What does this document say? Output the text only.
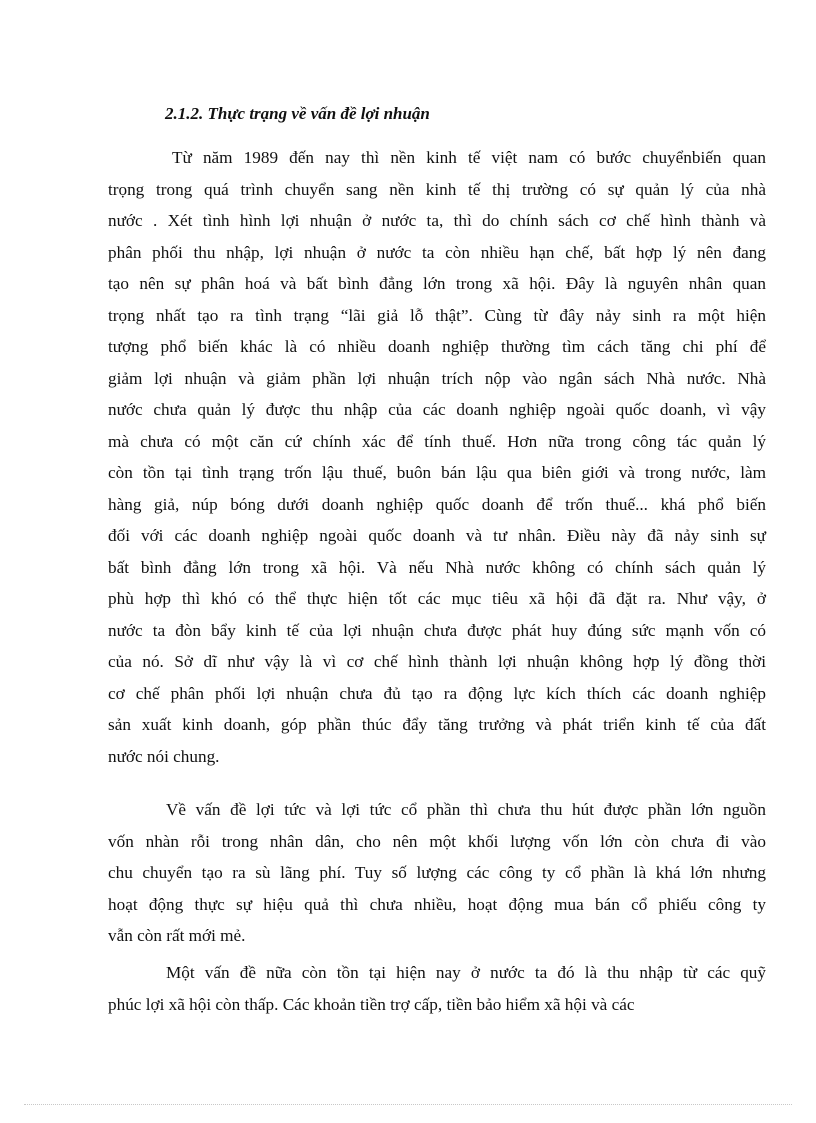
2.1.2. Thực trạng về vấn đề lợi nhuận
Từ năm 1989 đến nay thì nền kinh tế việt nam có bước chuyểnbiến quan
trọng trong quá trình chuyển sang nền kinh tế thị trường có sự quản lý của nhà
nước . Xét tình hình lợi nhuận ở nước ta, thì do chính sách cơ chế hình thành và
phân phối thu nhập, lợi nhuận ở nước ta còn nhiều hạn chế, bất hợp lý nên đang
tạo nên sự phân hoá và bất bình đẳng lớn trong xã hội. Đây là nguyên nhân quan
trọng nhất tạo ra tình trạng “lãi giả lỗ thật”. Cùng từ đây nảy sinh ra một hiện
tượng phổ biến khác là có nhiều doanh nghiệp thường tìm cách tăng chi phí để
giảm lợi nhuận và giảm phần lợi nhuận trích nộp vào ngân sách Nhà nước. Nhà
nước chưa quản lý được thu nhập của các doanh nghiệp ngoài quốc doanh, vì vậy
mà chưa có một căn cứ chính xác để tính thuế. Hơn nữa trong công tác quản lý
còn tồn tại tình trạng trốn lậu thuế, buôn bán lậu qua biên giới và trong nước, làm
hàng giả, núp bóng dưới doanh nghiệp quốc doanh để trốn thuế... khá phổ biến
đối với các doanh nghiệp ngoài quốc doanh và tư nhân. Điều này đã nảy sinh sự
bất bình đẳng lớn trong xã hội. Và nếu Nhà nước không có chính sách quản lý
phù hợp thì khó có thể thực hiện tốt các mục tiêu xã hội đã đặt ra. Như vậy, ở
nước ta đòn bẩy kinh tế của lợi nhuận chưa được phát huy đúng sức mạnh vốn có
của nó. Sở dĩ như vậy là vì cơ chế hình thành lợi nhuận không hợp lý đồng thời
cơ chế phân phối lợi nhuận chưa đủ tạo ra động lực kích thích các doanh nghiệp
sản xuất kinh doanh, góp phần thúc đẩy tăng trưởng và phát triển kinh tế của đất
nước nói chung.
Về vấn đề lợi tức và lợi tức cổ phần thì chưa thu hút được phần lớn nguồn
vốn nhàn rỗi trong nhân dân, cho nên một khối lượng vốn lớn còn chưa đi vào
chu chuyển tạo ra sù lãng phí. Tuy số lượng các công ty cổ phần là khá lớn nhưng
hoạt động thực sự hiệu quả thì chưa nhiều, hoạt động mua bán cổ phiếu công ty
vẫn còn rất mới mẻ.
Một vấn đề nữa còn tồn tại hiện nay ở nước ta đó là thu nhập từ các quỹ
phúc lợi xã hội còn thấp. Các khoản tiền trợ cấp, tiền bảo hiểm xã hội và các
